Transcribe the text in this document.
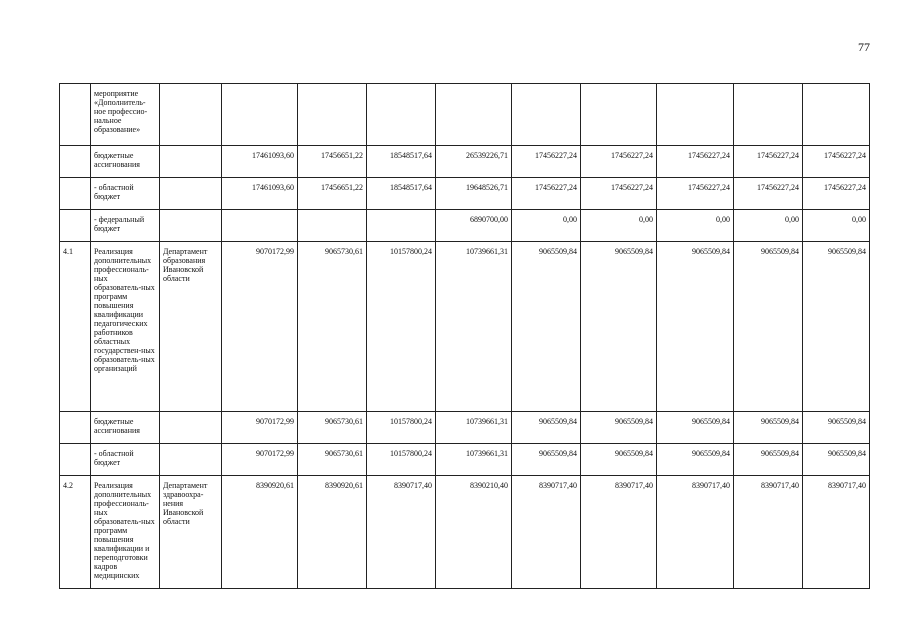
77
	мероприятие «Дополнитель-ное профессио-нальное образование»										
	бюджетные ассигнования		17461093,60	17456651,22	18548517,64	26539226,71	17456227,24	17456227,24	17456227,24	17456227,24	17456227,24
	- областной бюджет		17461093,60	17456651,22	18548517,64	19648526,71	17456227,24	17456227,24	17456227,24	17456227,24	17456227,24
	- федеральный бюджет					6890700,00	0,00	0,00	0,00	0,00	0,00
4.1	Реализация дополнительных профессиональ-ных образователь-ных программ повышения квалификации педагогических работников областных государствен-ных образователь-ных организаций	Департамент образования Ивановской области	9070172,99	9065730,61	10157800,24	10739661,31	9065509,84	9065509,84	9065509,84	9065509,84	9065509,84
	бюджетные ассигнования		9070172,99	9065730,61	10157800,24	10739661,31	9065509,84	9065509,84	9065509,84	9065509,84	9065509,84
	- областной бюджет		9070172,99	9065730,61	10157800,24	10739661,31	9065509,84	9065509,84	9065509,84	9065509,84	9065509,84
4.2	Реализация дополнительных профессиональ-ных образователь-ных программ повышения квалификации и переподготовки кадров медицинских	Департамент здравоохра-нения Ивановской области	8390920,61	8390920,61	8390717,40	8390210,40	8390717,40	8390717,40	8390717,40	8390717,40	8390717,40
